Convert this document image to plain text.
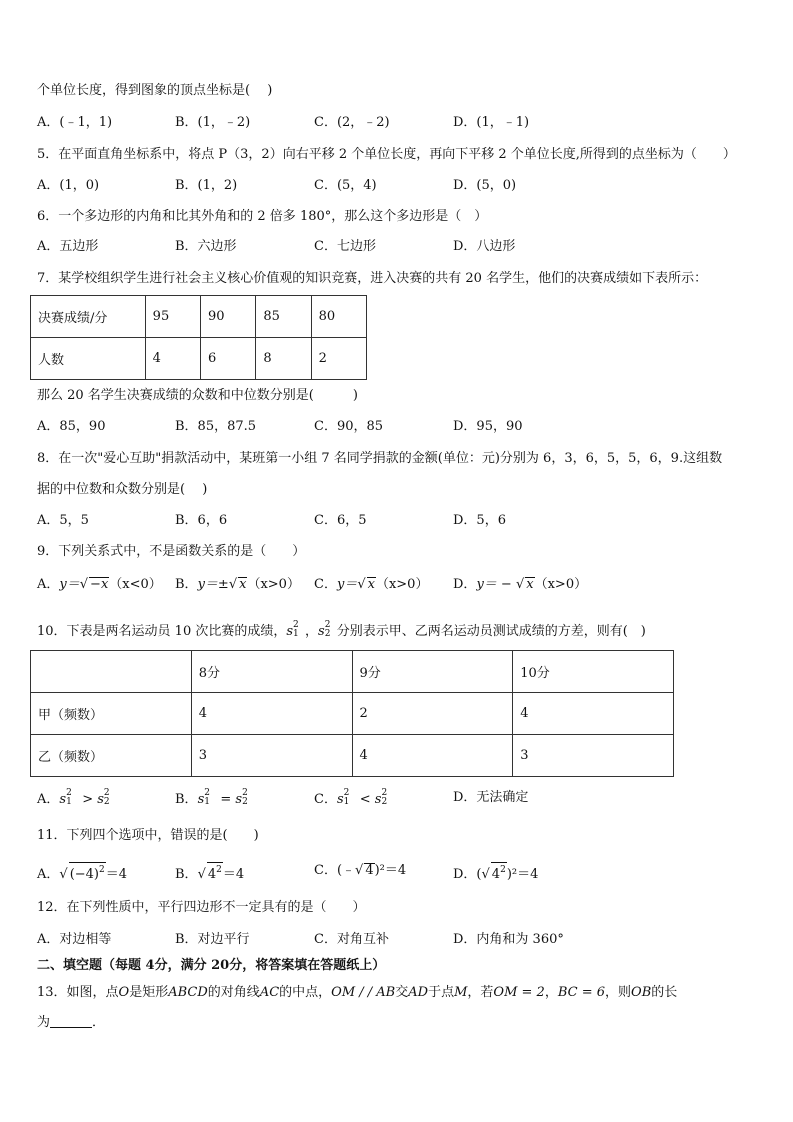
个单位长度，得到图象的顶点坐标是(　 )
A．(﹣1，1)	B．(1，﹣2)	C．(2，﹣2)	D．(1，﹣1)
5．在平面直角坐标系中，将点 P（3，2）向右平移 2 个单位长度，再向下平移 2 个单位长度,所得到的点坐标为（　　）
A．(1，0)	B．(1，2)	C．(5，4)	D．(5，0)
6．一个多边形的内角和比其外角和的 2 倍多 180°，那么这个多边形是（　）
A．五边形	B．六边形	C．七边形	D．八边形
7．某学校组织学生进行社会主义核心价值观的知识竞赛，进入决赛的共有 20 名学生，他们的决赛成绩如下表所示：
决赛成绩/分	95	90	85	80
人数	4	6	8	2
那么 20 名学生决赛成绩的众数和中位数分别是(　　　)
A．85，90	B．85，87.5	C．90，85	D．95，90
8．在一次"爱心互助"捐款活动中，某班第一小组 7 名同学捐款的金额(单位：元)分别为 6，3，6，5，5，6，9.这组数
据的中位数和众数分别是(　 )
A．5，5	B．6，6	C．6，5	D．5，6
9．下列关系式中，不是函数关系的是（　　）
A．y＝√ −x（x<0） B．y＝±√ x（x>0） C．y＝√ x（x>0） D．y＝ − √ x（x>0）
10．下表是两名运动员 10 次比赛的成绩，s 2
1 ，s 2
2 分别表示甲、乙两名运动员测试成绩的方差，则有(　)
	8分	9分	10分
甲（频数）	4	2	4
乙（频数）	3	4	3
A．s 2
1 > s 2
2	B．s 2
1 = s 2
2	C．s 2
1 < s 2
2	D．无法确定
11．下列四个选项中，错误的是(　　)
A．√ $(-4)^2=4$	B．√ $4^2=4$	C．(﹣√ 4)²＝4	D．(√ $4^2)^2=4$
12．在下列性质中，平行四边形不一定具有的是（　　）
A．对边相等	B．对边平行	C．对角互补	D．内角和为 360°
二、填空题（每题 4分，满分 20分，将答案填在答题纸上）
13．如图，点O是矩形ABCD的对角线AC的中点，OM / / AB交AD于点M，若OM = 2，BC = 6，则OB的长
为	．
